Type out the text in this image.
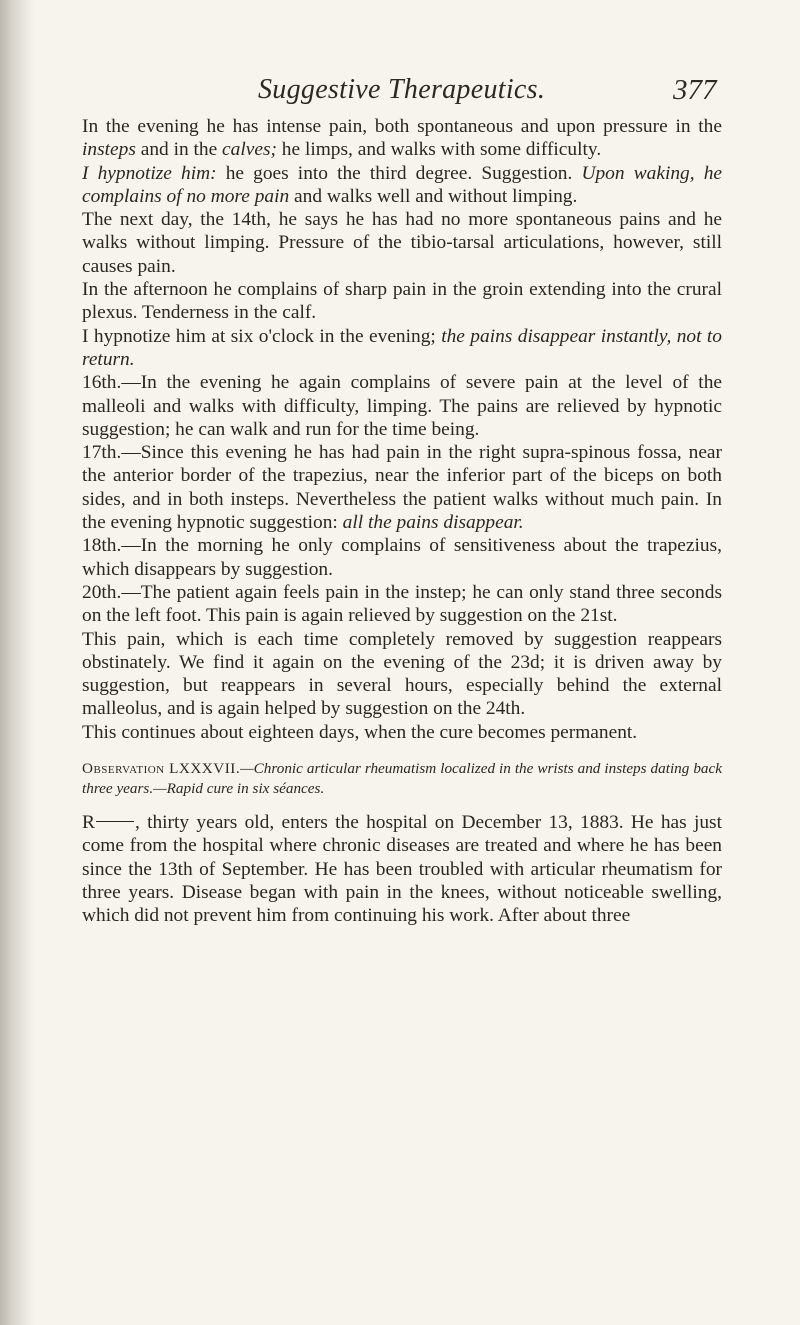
Suggestive Therapeutics.	377

In the evening he has intense pain, both spontaneous and upon pressure in the insteps and in the calves; he limps, and walks with some difficulty.

I hypnotize him: he goes into the third degree. Suggestion. Upon waking, he complains of no more pain and walks well and without limping.

The next day, the 14th, he says he has had no more spontaneous pains and he walks without limping. Pressure of the tibio-tarsal articulations, however, still causes pain.

In the afternoon he complains of sharp pain in the groin extending into the crural plexus. Tenderness in the calf.

I hypnotize him at six o'clock in the evening; the pains disappear instantly, not to return.

16th.—In the evening he again complains of severe pain at the level of the malleoli and walks with difficulty, limping. The pains are relieved by hypnotic suggestion; he can walk and run for the time being.

17th.—Since this evening he has had pain in the right supra-spinous fossa, near the anterior border of the trapezius, near the inferior part of the biceps on both sides, and in both insteps. Nevertheless the patient walks without much pain. In the evening hypnotic suggestion: all the pains disappear.

18th.—In the morning he only complains of sensitiveness about the trapezius, which disappears by suggestion.

20th.—The patient again feels pain in the instep; he can only stand three seconds on the left foot. This pain is again relieved by suggestion on the 21st.

This pain, which is each time completely removed by suggestion reappears obstinately. We find it again on the evening of the 23d; it is driven away by suggestion, but reappears in several hours, especially behind the external malleolus, and is again helped by suggestion on the 24th.

This continues about eighteen days, when the cure becomes permanent.

Observation LXXXVII.—Chronic articular rheumatism localized in the wrists and insteps dating back three years.—Rapid cure in six séances.

R , thirty years old, enters the hospital on December 13, 1883. He has just come from the hospital where chronic diseases are treated and where he has been since the 13th of September. He has been troubled with articular rheumatism for three years. Disease began with pain in the knees, without noticeable swelling, which did not prevent him from continuing his work. After about three
